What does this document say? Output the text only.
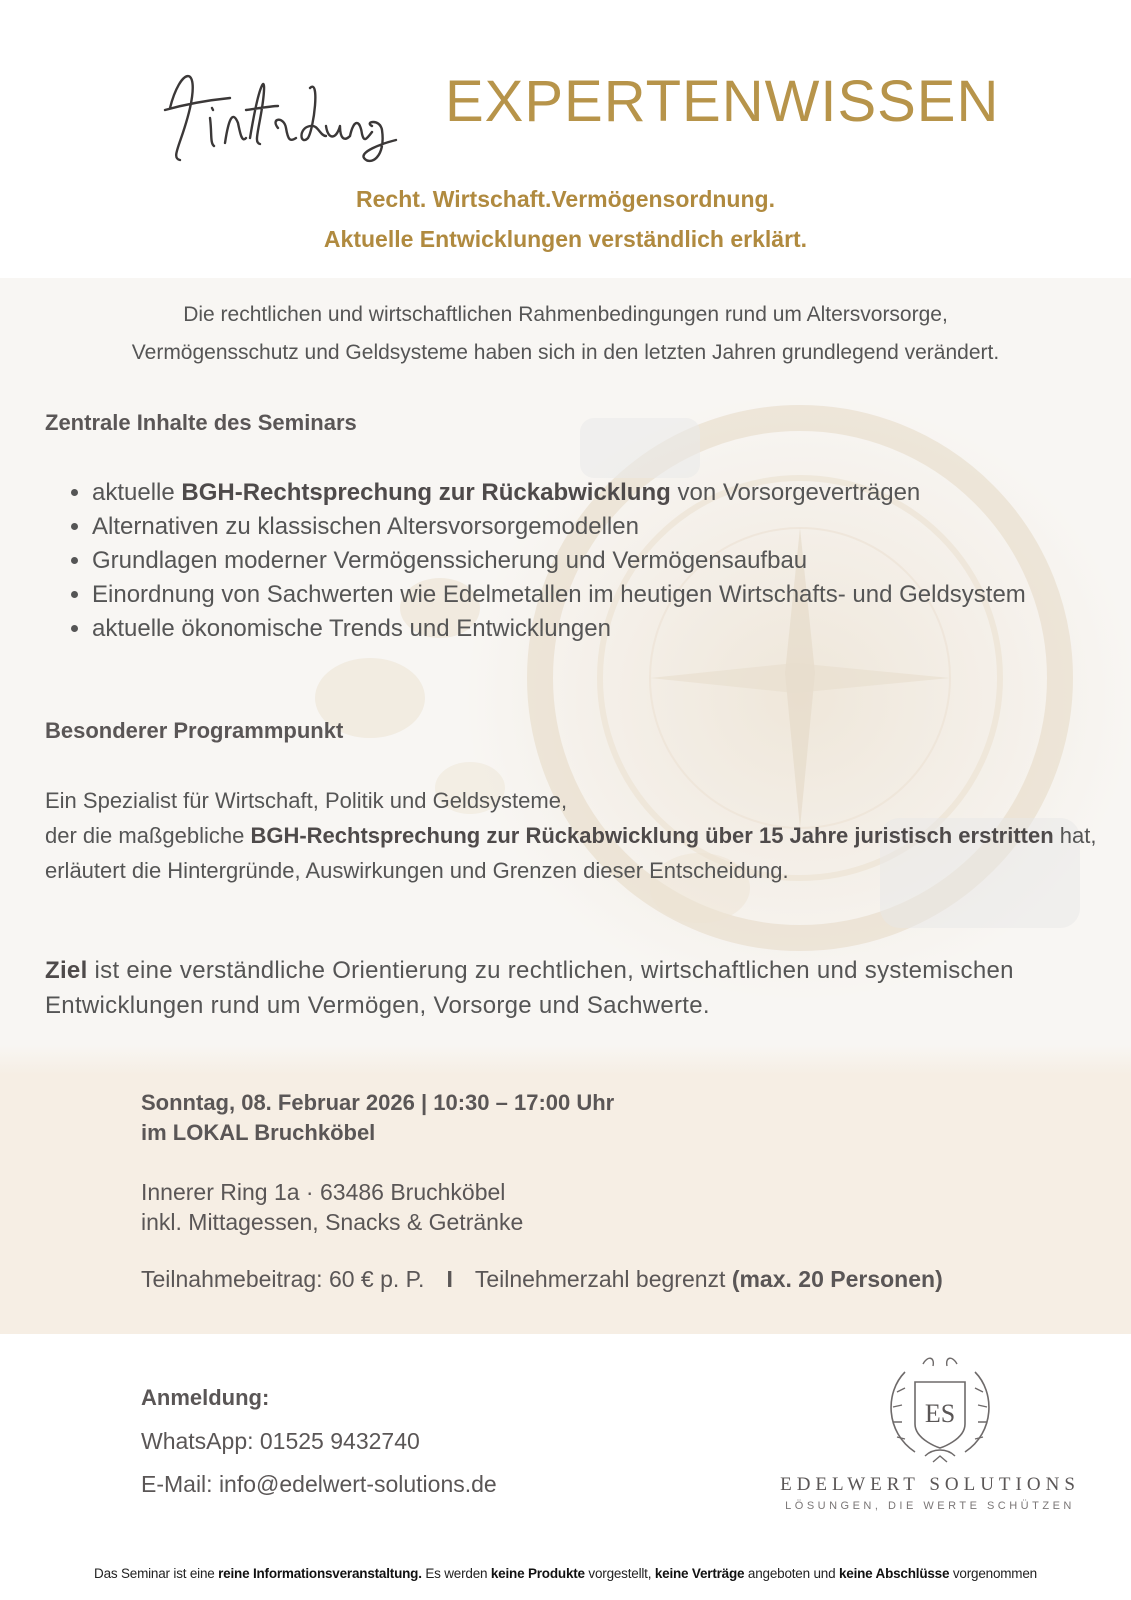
EXPERTENWISSEN
Recht. Wirtschaft.Vermögensordnung.
Aktuelle Entwicklungen verständlich erklärt.
Die rechtlichen und wirtschaftlichen Rahmenbedingungen rund um Altersvorsorge,
Vermögensschutz und Geldsysteme haben sich in den letzten Jahren grundlegend verändert.
Zentrale Inhalte des Seminars
• aktuelle BGH-Rechtsprechung zur Rückabwicklung von Vorsorgeverträgen
• Alternativen zu klassischen Altersvorsorgemodellen
• Grundlagen moderner Vermögenssicherung und Vermögensaufbau
• Einordnung von Sachwerten wie Edelmetallen im heutigen Wirtschafts- und Geldsystem
• aktuelle ökonomische Trends und Entwicklungen
Besonderer Programmpunkt
Ein Spezialist für Wirtschaft, Politik und Geldsysteme,
der die maßgebliche BGH-Rechtsprechung zur Rückabwicklung über 15 Jahre juristisch erstritten hat, erläutert die Hintergründe, Auswirkungen und Grenzen dieser Entscheidung.
Ziel ist eine verständliche Orientierung zu rechtlichen, wirtschaftlichen und systemischen Entwicklungen rund um Vermögen, Vorsorge und Sachwerte.
Sonntag, 08. Februar 2026 | 10:30 – 17:00 Uhr
im LOKAL Bruchköbel
Innerer Ring 1a · 63486 Bruchköbel
inkl. Mittagessen, Snacks & Getränke
Teilnahmebeitrag: 60 € p. P. I Teilnehmerzahl begrenzt (max. 20 Personen)
Anmeldung:
WhatsApp: 01525 9432740
E-Mail: info@edelwert-solutions.de
ES
EDELWERT SOLUTIONS
LÖSUNGEN, DIE WERTE SCHÜTZEN
Das Seminar ist eine reine Informationsveranstaltung. Es werden keine Produkte vorgestellt, keine Verträge angeboten und keine Abschlüsse vorgenommen
